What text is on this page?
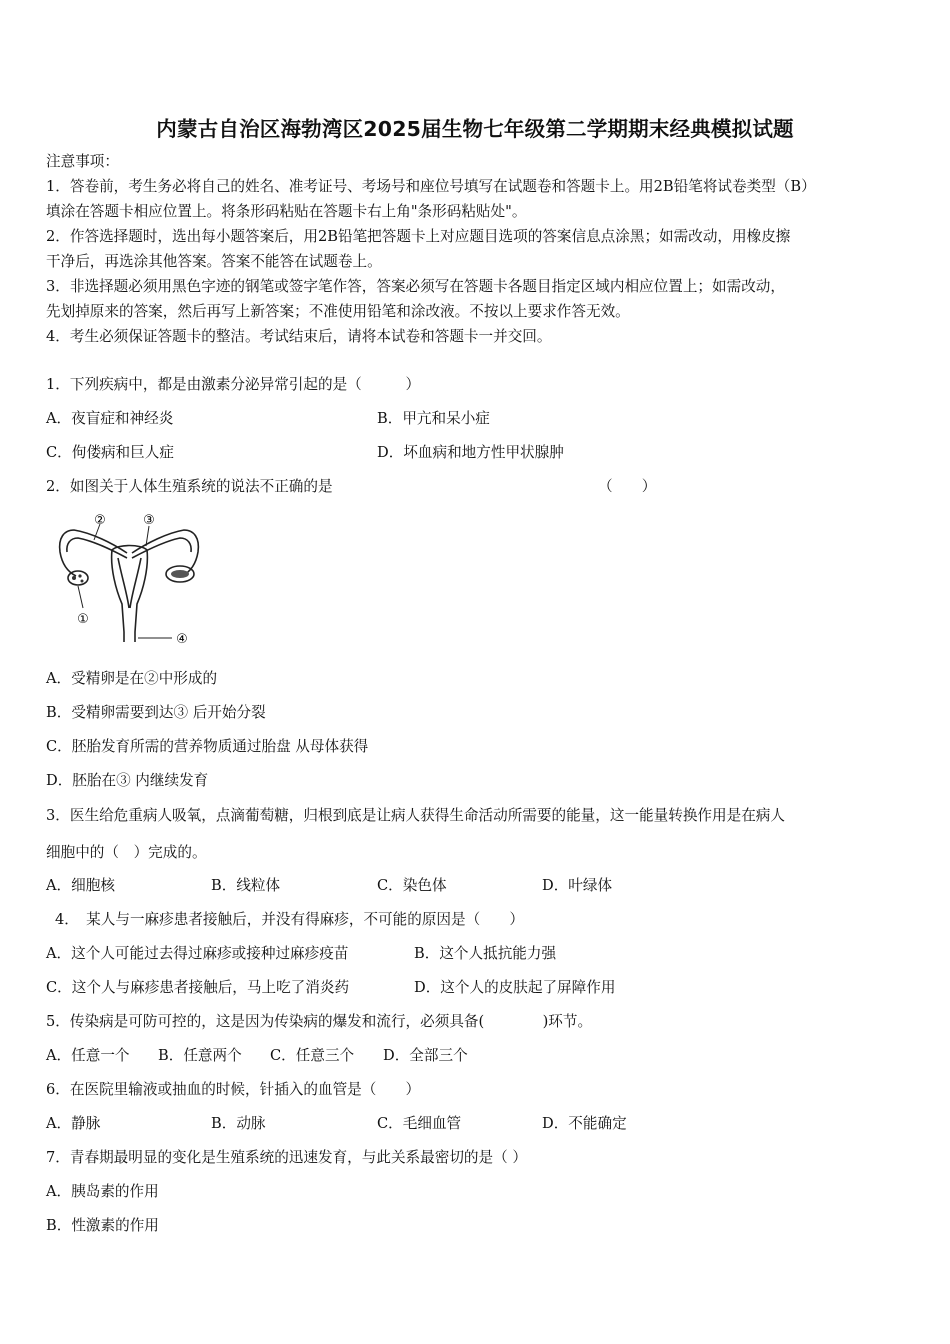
内蒙古自治区海勃湾区2025届生物七年级第二学期期末经典模拟试题
注意事项：
1．答卷前，考生务必将自己的姓名、准考证号、考场号和座位号填写在试题卷和答题卡上。用2B铅笔将试卷类型（B）
填涂在答题卡相应位置上。将条形码粘贴在答题卡右上角"条形码粘贴处"。
2．作答选择题时，选出每小题答案后，用2B铅笔把答题卡上对应题目选项的答案信息点涂黑；如需改动，用橡皮擦
干净后，再选涂其他答案。答案不能答在试题卷上。
3．非选择题必须用黑色字迹的钢笔或签字笔作答，答案必须写在答题卡各题目指定区域内相应位置上；如需改动，
先划掉原来的答案，然后再写上新答案；不准使用铅笔和涂改液。不按以上要求作答无效。
4．考生必须保证答题卡的整洁。考试结束后，请将本试卷和答题卡一并交回。
1．下列疾病中，都是由激素分泌异常引起的是（　　　）
A．夜盲症和神经炎	B．甲亢和呆小症
C．佝偻病和巨人症	D．坏血病和地方性甲状腺肿
2．如图关于人体生殖系统的说法不正确的是	（　　）
②	③
①
④
A．受精卵是在②中形成的
B．受精卵需要到达③ 后开始分裂
C．胚胎发育所需的营养物质通过胎盘 从母体获得
D．胚胎在③ 内继续发育
3．医生给危重病人吸氧，点滴葡萄糖，归根到底是让病人获得生命活动所需要的能量，这一能量转换作用是在病人
细胞中的（　）完成的。
A．细胞核	B．线粒体	C．染色体	D．叶绿体
4．　某人与一麻疹患者接触后，并没有得麻疹，不可能的原因是（　　）
A．这个人可能过去得过麻疹或接种过麻疹疫苗	B．这个人抵抗能力强
C．这个人与麻疹患者接触后，马上吃了消炎药	D．这个人的皮肤起了屏障作用
5．传染病是可防可控的，这是因为传染病的爆发和流行，必须具备(　　　　)环节。
A．任意一个 B．任意两个 C．任意三个 D．全部三个
6．在医院里输液或抽血的时候，针插入的血管是（　　）
A．静脉	B．动脉	C．毛细血管	D．不能确定
7．青春期最明显的变化是生殖系统的迅速发育，与此关系最密切的是（ ）
A．胰岛素的作用
B．性激素的作用
